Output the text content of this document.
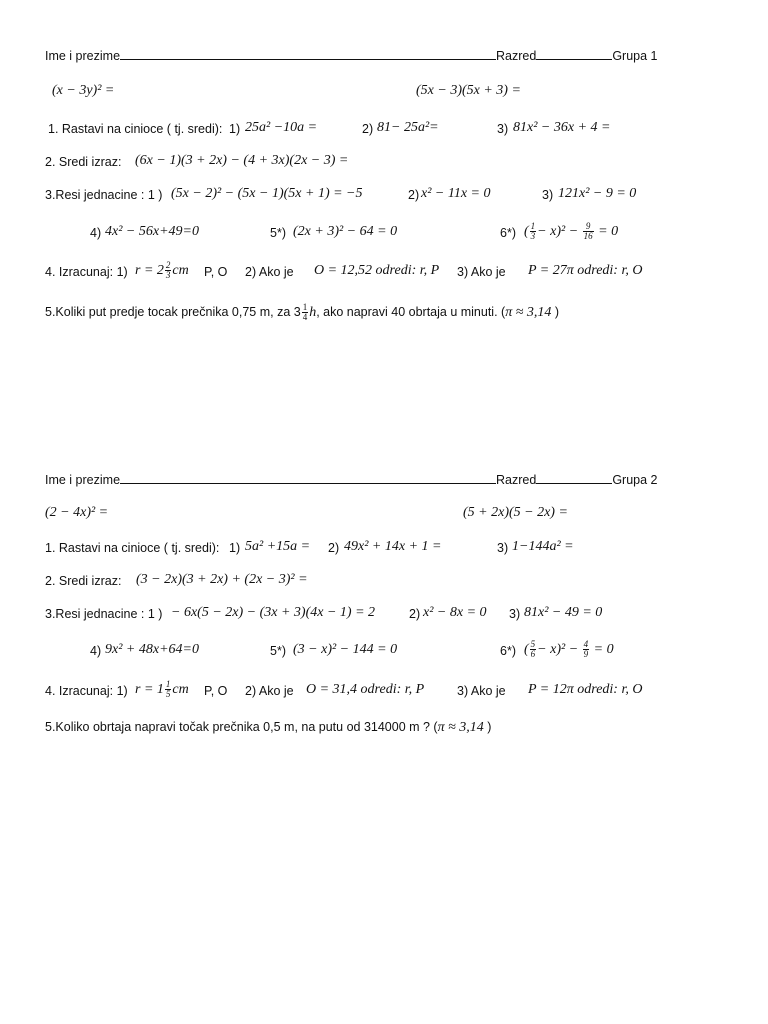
Ime i prezime	Razred	Grupa 1
(x − 3y)² =	(5x − 3)(5x + 3) =
1. Rastavi na cinioce ( tj. sredi): 1) 25a² −10a =	2) 81− 25a²=	3) 81x² − 36x + 4 =
2. Sredi izraz: (6x − 1)(3 + 2x) − (4 + 3x)(2x − 3) =
3.Resi jednacine : 1 ) (5x − 2)² − (5x − 1)(5x + 1) = −5	2) x² − 11x = 0	3) 121x² − 9 = 0
4) 4x² − 56x+49=0	5*) (2x + 3)² − 64 = 0	6*) ( $\frac{1}{3} - x)^2 - \frac{9}{16} = 0$
4. Izracunaj: 1) $r = 2 \frac{2}{3}$ cm P, O 2) Ako je O = 12,52 odredi: r, P 3) Ako je P = 27π odredi: r, O
5.Koliki put predje tocak prečnika 0,75 m, za $3 \frac{1}{4} h$, ako napravi 40 obrtaja u minuti. (π ≈ 3,14 )
Ime i prezime	Razred	Grupa 2
(2 − 4x)² =	(5 + 2x)(5 − 2x) =
1. Rastavi na cinioce ( tj. sredi): 1) 5a² +15a = 2) 49x² + 14x + 1 =	3) 1−144a² =
2. Sredi izraz: (3 − 2x)(3 + 2x) + (2x − 3)² =
3.Resi jednacine : 1 ) − 6x(5 − 2x) − (3x + 3)(4x − 1) = 2	2) x² − 8x = 0 3) 81x² − 49 = 0
4) 9x² + 48x+64=0	5*) (3 − x)² − 144 = 0	6*) ( $\frac{5}{6} - x)^2 - \frac{4}{9} = 0$
4. Izracunaj: 1) $r = 1 \frac{1}{5}$ cm P, O 2) Ako je O = 31,4 odredi: r, P	3) Ako je P = 12π odredi: r, O
5.Koliko obrtaja napravi točak prečnika 0,5 m, na putu od 314000 m ? (π ≈ 3,14 )
